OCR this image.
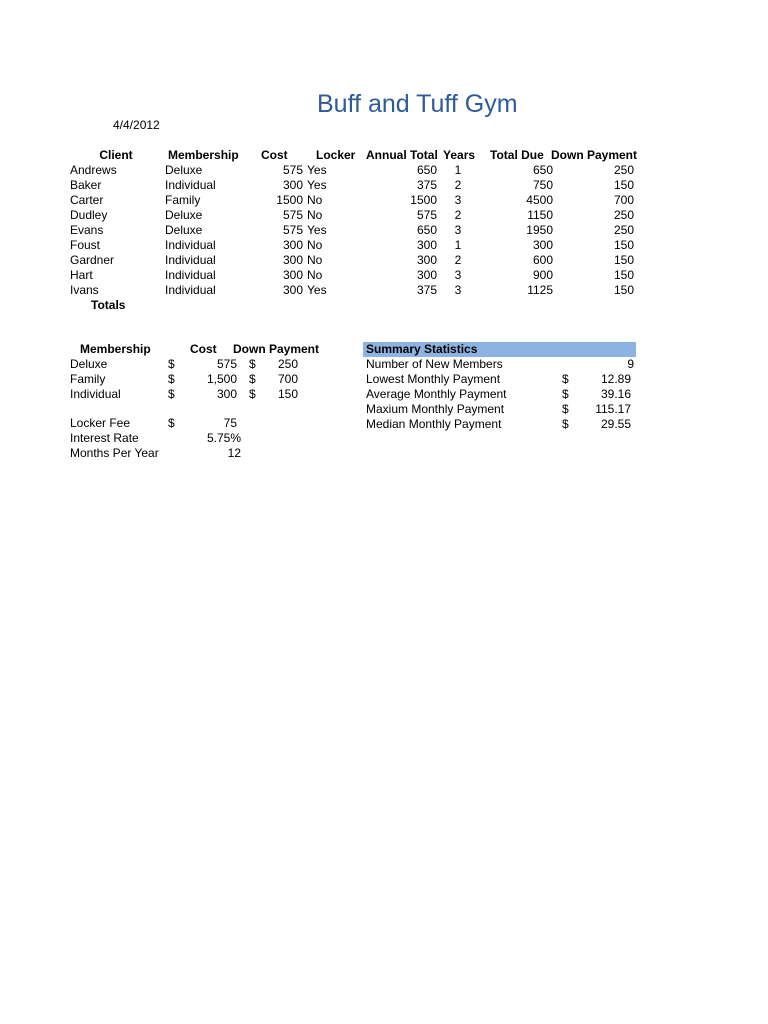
Buff and Tuff Gym
4/4/2012
Client	Membership Cost Locker Annual Total Years Total Due Down Payment
Andrews	Deluxe	575 Yes	650	1	650	250
Baker	Individual	300 Yes	375	2	750	150
Carter	Family	1500 No	1500	3	4500	700
Dudley	Deluxe	575 No	575	2	1150	250
Evans	Deluxe	575 Yes	650	3	1950	250
Foust	Individual	300 No	300	1	300	150
Gardner	Individual	300 No	300	2	600	150
Hart	Individual	300 No	300	3	900	150
Ivans	Individual	300 Yes	375	3	1125	150
Totals
Membership	Cost Down Payment
Deluxe	$	575 $	250
Family	$	1,500 $	700
Individual	$	300 $	150
Locker Fee	$	75
Interest Rate	5.75%
Months Per Year	12
Summary Statistics
Number of New Members	9
Lowest Monthly Payment	$	12.89
Average Monthly Payment	$	39.16
Maxium Monthly Payment	$	115.17
Median Monthly Payment	$	29.55
